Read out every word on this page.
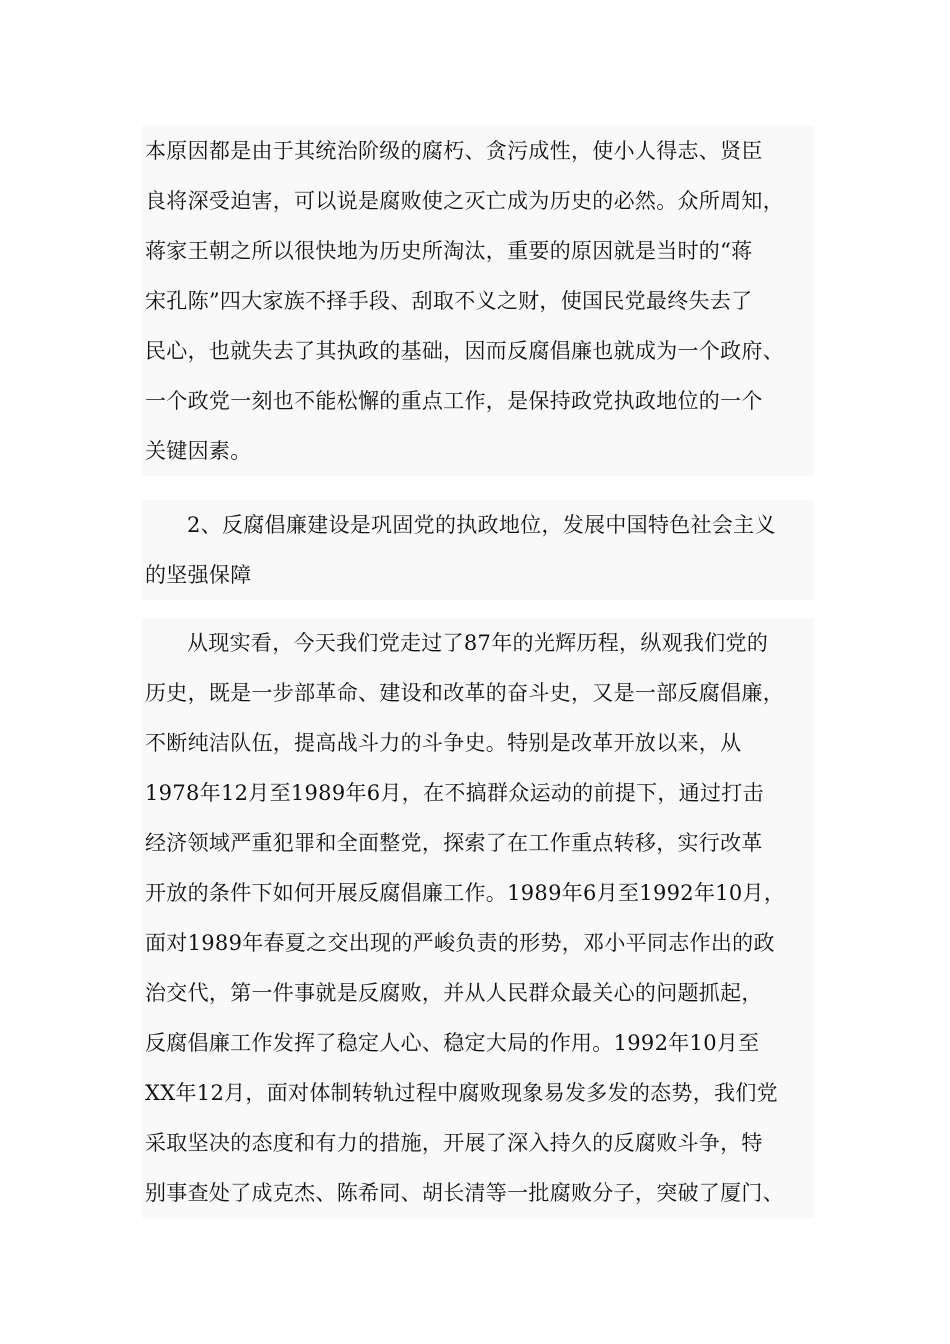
本原因都是由于其统治阶级的腐朽、贪污成性，使小人得志、贤臣
良将深受迫害，可以说是腐败使之灭亡成为历史的必然。众所周知，
蒋家王朝之所以很快地为历史所淘汰，重要的原因就是当时的“蒋
宋孔陈”四大家族不择手段、刮取不义之财，使国民党最终失去了
民心，也就失去了其执政的基础，因而反腐倡廉也就成为一个政府、
一个政党一刻也不能松懈的重点工作，是保持政党执政地位的一个
关键因素。
2、反腐倡廉建设是巩固党的执政地位，发展中国特色社会主义
的坚强保障
从现实看，今天我们党走过了87年的光辉历程，纵观我们党的
历史，既是一步部革命、建设和改革的奋斗史，又是一部反腐倡廉，
不断纯洁队伍，提高战斗力的斗争史。特别是改革开放以来，从
1978年12月至1989年6月，在不搞群众运动的前提下，通过打击
经济领域严重犯罪和全面整党，探索了在工作重点转移，实行改革
开放的条件下如何开展反腐倡廉工作。1989年6月至1992年10月，
面对1989年春夏之交出现的严峻负责的形势，邓小平同志作出的政
治交代，第一件事就是反腐败，并从人民群众最关心的问题抓起，
反腐倡廉工作发挥了稳定人心、稳定大局的作用。1992年10月至
XX年12月，面对体制转轨过程中腐败现象易发多发的态势，我们党
采取坚决的态度和有力的措施，开展了深入持久的反腐败斗争，特
别事查处了成克杰、陈希同、胡长清等一批腐败分子，突破了厦门、
